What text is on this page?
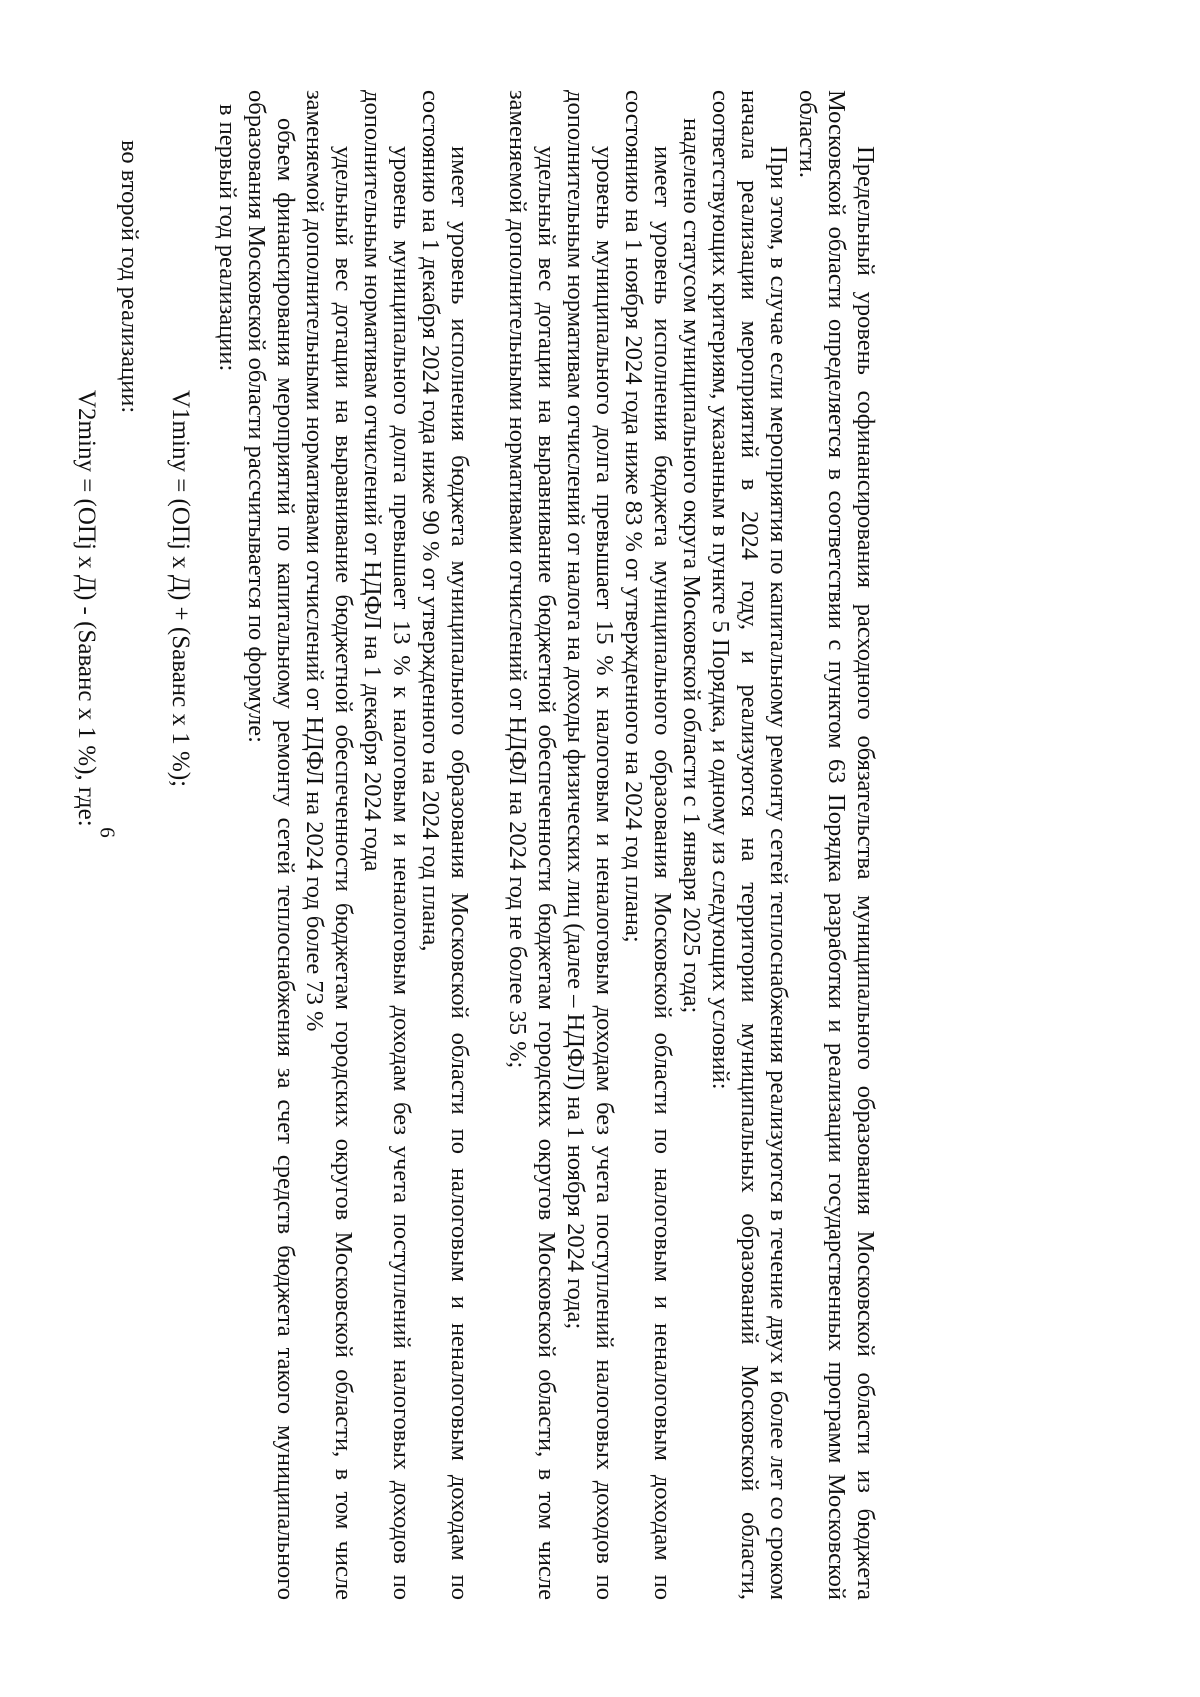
6	Предельный уровень софинансирования расходного обязательства муниципального образования Московской области из бюджета Московской области определяется в соответствии с пунктом 63 Порядка разработки и реализации государственных программ Московской области.

При этом, в случае если мероприятия по капитальному ремонту сетей теплоснабжения реализуются в течение двух и более лет со сроком начала реализации мероприятий в 2024 году, и реализуются на территории муниципальных образований Московской области, соответствующих критериям, указанным в пункте 5 Порядка, и одному из следующих условий:

наделено статусом муниципального округа Московской области с 1 января 2025 года;

имеет уровень исполнения бюджета муниципального образования Московской области по налоговым и неналоговым доходам по состоянию на 1 ноября 2024 года ниже 83 % от утвержденного на 2024 год плана;

уровень муниципального долга превышает 15 % к налоговым и неналоговым доходам без учета поступлений налоговых доходов по дополнительным нормативам отчислений от налога на доходы физических лиц (далее – НДФЛ) на 1 ноября 2024 года;

удельный вес дотации на выравнивание бюджетной обеспеченности бюджетам городских округов Московской области, в том числе заменяемой дополнительными нормативами отчислений от НДФЛ на 2024 год не более 35 %;

имеет уровень исполнения бюджета муниципального образования Московской области по налоговым и неналоговым доходам по состоянию на 1 декабря 2024 года ниже 90 % от утвержденного на 2024 год плана,

уровень муниципального долга превышает 13 % к налоговым и неналоговым доходам без учета поступлений налоговых доходов по дополнительным нормативам отчислений от НДФЛ на 1 декабря 2024 года

удельный вес дотации на выравнивание бюджетной обеспеченности бюджетам городских округов Московской области, в том числе заменяемой дополнительными нормативами отчислений от НДФЛ на 2024 год более 73 %

объем финансирования мероприятий по капитальному ремонту сетей теплоснабжения за счет средств бюджета такого муниципального образования Московской области рассчитывается по формуле:

в первый год реализации:

V1miny = (ОПj x Д) + (Sаванс x 1 %);

во второй год реализации:

V2miny = (ОПj x Д) - (Sаванс x 1 %), где:
